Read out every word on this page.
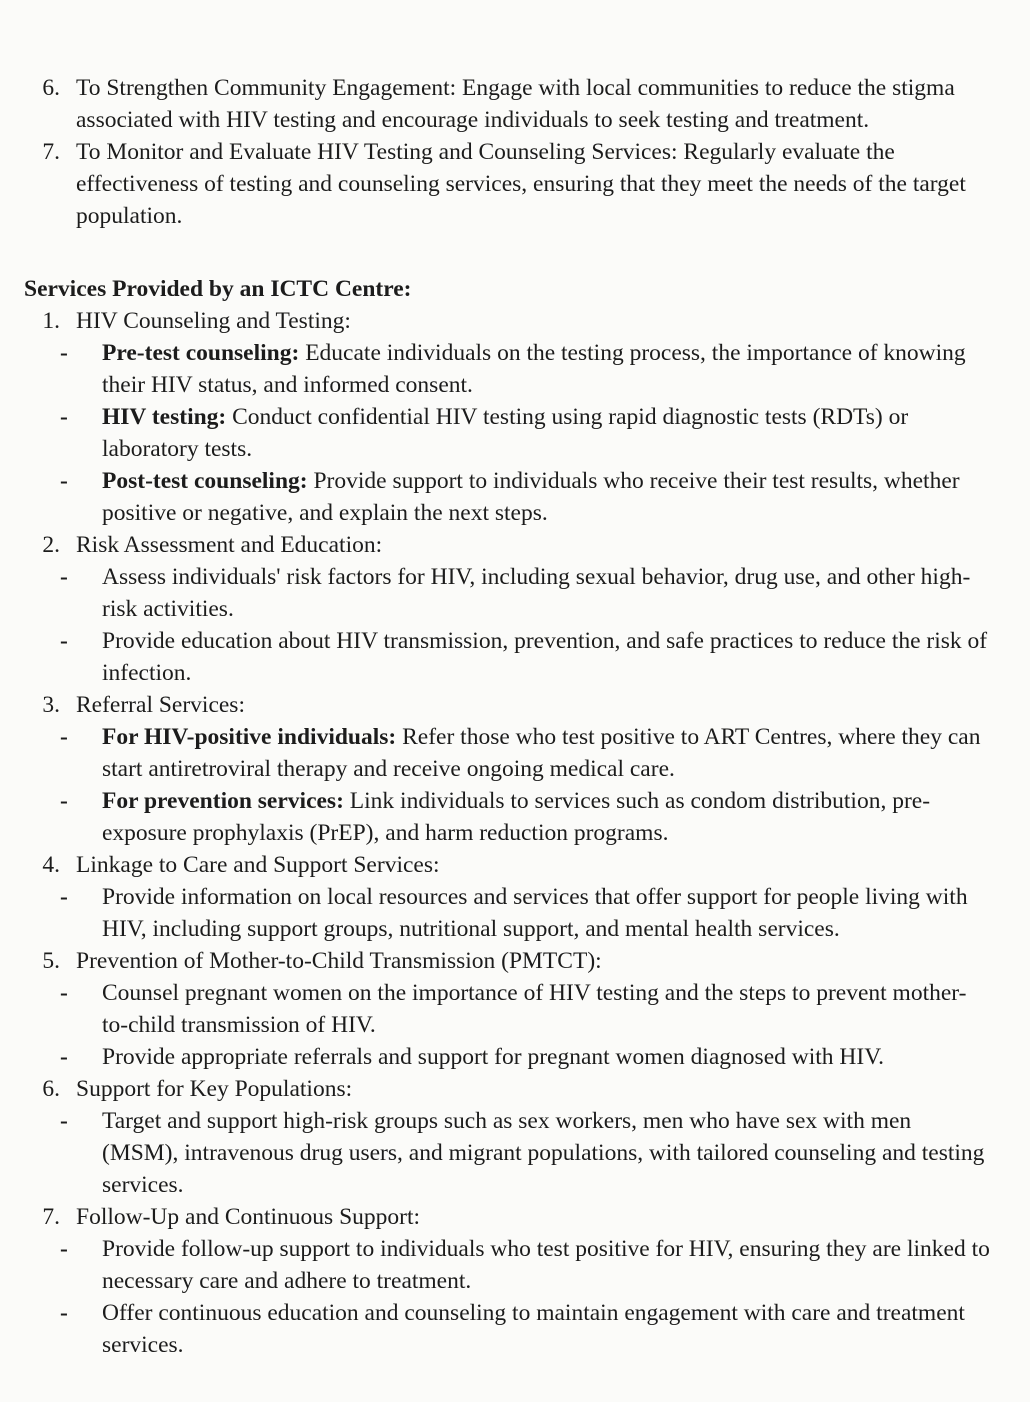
6. To Strengthen Community Engagement: Engage with local communities to reduce the stigma associated with HIV testing and encourage individuals to seek testing and treatment.
7. To Monitor and Evaluate HIV Testing and Counseling Services: Regularly evaluate the effectiveness of testing and counseling services, ensuring that they meet the needs of the target population.
Services Provided by an ICTC Centre:
1. HIV Counseling and Testing:
-	Pre-test counseling: Educate individuals on the testing process, the importance of knowing their HIV status, and informed consent.
-	HIV testing: Conduct confidential HIV testing using rapid diagnostic tests (RDTs) or laboratory tests.
-	Post-test counseling: Provide support to individuals who receive their test results, whether positive or negative, and explain the next steps.
2. Risk Assessment and Education:
-	Assess individuals' risk factors for HIV, including sexual behavior, drug use, and other high-risk activities.
-	Provide education about HIV transmission, prevention, and safe practices to reduce the risk of infection.
3. Referral Services:
-	For HIV-positive individuals: Refer those who test positive to ART Centres, where they can start antiretroviral therapy and receive ongoing medical care.
-	For prevention services: Link individuals to services such as condom distribution, pre-exposure prophylaxis (PrEP), and harm reduction programs.
4. Linkage to Care and Support Services:
-	Provide information on local resources and services that offer support for people living with HIV, including support groups, nutritional support, and mental health services.
5. Prevention of Mother-to-Child Transmission (PMTCT):
-	Counsel pregnant women on the importance of HIV testing and the steps to prevent mother-to-child transmission of HIV.
-	Provide appropriate referrals and support for pregnant women diagnosed with HIV.
6. Support for Key Populations:
-	Target and support high-risk groups such as sex workers, men who have sex with men (MSM), intravenous drug users, and migrant populations, with tailored counseling and testing services.
7. Follow-Up and Continuous Support:
-	Provide follow-up support to individuals who test positive for HIV, ensuring they are linked to necessary care and adhere to treatment.
-	Offer continuous education and counseling to maintain engagement with care and treatment services.
